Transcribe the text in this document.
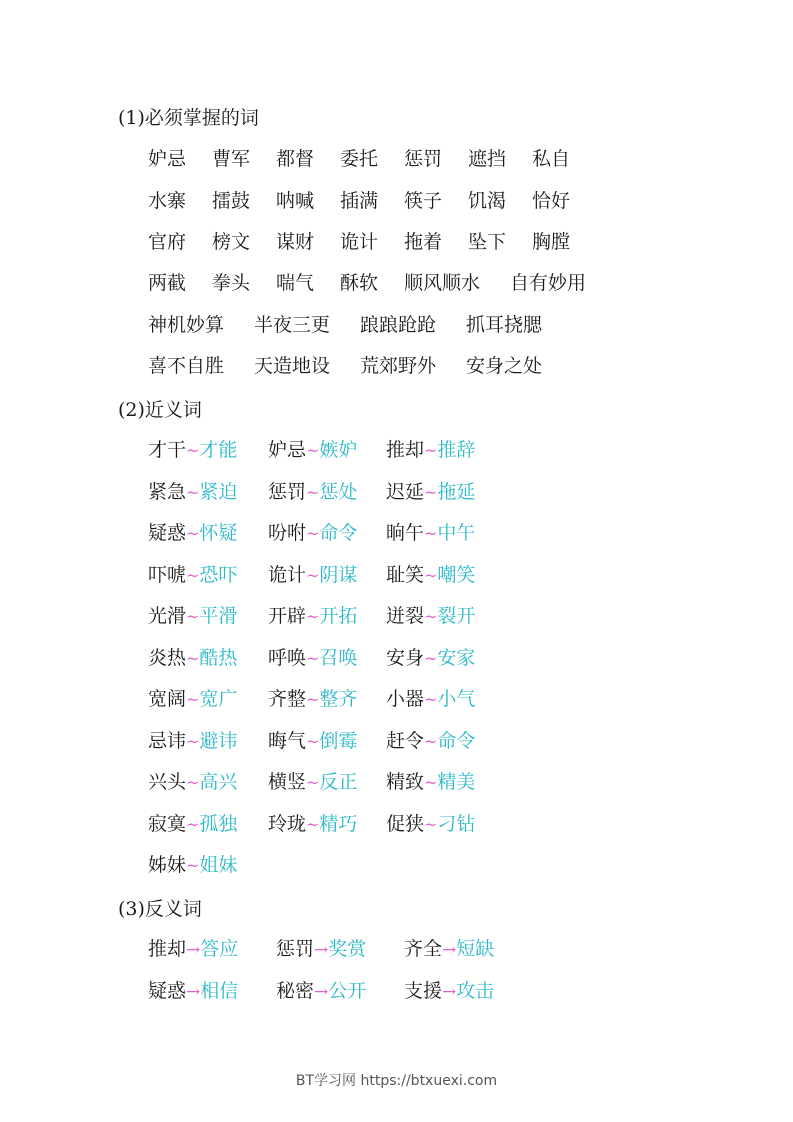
(1)必须掌握的词
妒忌 曹军 都督 委托 惩罚 遮挡 私自
水寨 擂鼓 呐喊 插满 筷子 饥渴 恰好
官府 榜文 谋财 诡计 拖着 坠下 胸膛
两截 拳头 喘气 酥软 顺风顺水 自有妙用
神机妙算 半夜三更 踉踉跄跄 抓耳挠腮
喜不自胜 天造地设 荒郊野外 安身之处
(2)近义词
才干~才能 妒忌~嫉妒 推却~推辞
紧急~紧迫 惩罚~惩处 迟延~拖延
疑惑~怀疑 吩咐~命令 晌午~中午
吓唬~恐吓 诡计~阴谋 耻笑~嘲笑
光滑~平滑 开辟~开拓 迸裂~裂开
炎热~酷热 呼唤~召唤 安身~安家
宽阔~宽广 齐整~整齐 小器~小气
忌讳~避讳 晦气~倒霉 赶令~命令
兴头~高兴 横竖~反正 精致~精美
寂寞~孤独 玲珑~精巧 促狭~刁钻
姊妹~姐妹
(3)反义词
推却→答应 惩罚→奖赏 齐全→短缺
疑惑→相信 秘密→公开 支援→攻击
BT学习网 https://btxuexi.com
